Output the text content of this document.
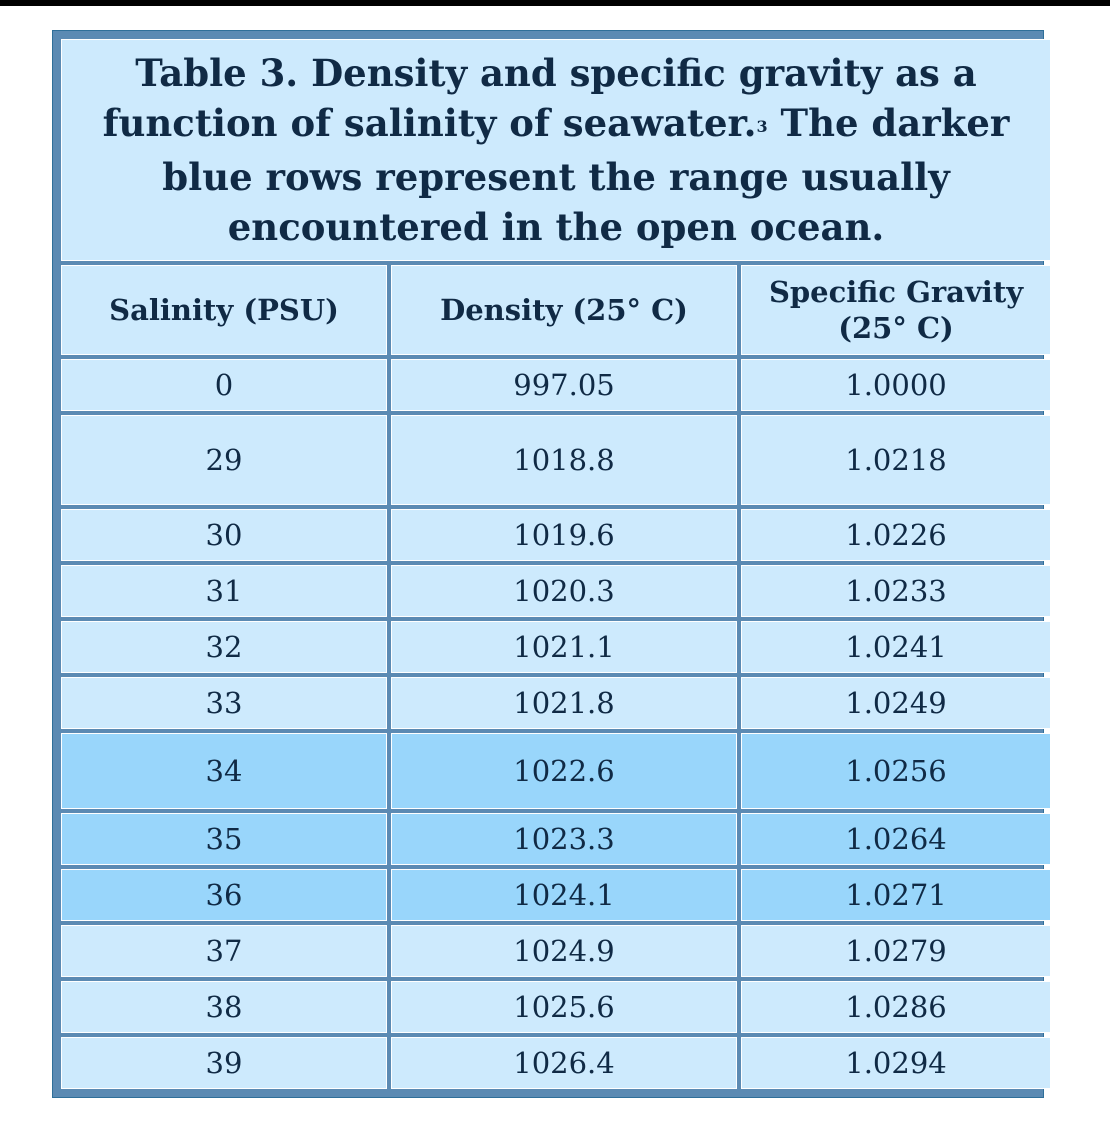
Table 3. Density and specific gravity as a function of salinity of seawater.$^3$ The darker blue rows represent the range usually encountered in the open ocean.		
Salinity (PSU)	Density (25° C)	Specific Gravity (25° C)
0	997.05	1.0000
29	1018.8	1.0218
30	1019.6	1.0226
31	1020.3	1.0233
32	1021.1	1.0241
33	1021.8	1.0249
34	1022.6	1.0256
35	1023.3	1.0264
36	1024.1	1.0271
37	1024.9	1.0279
38	1025.6	1.0286
39	1026.4	1.0294
